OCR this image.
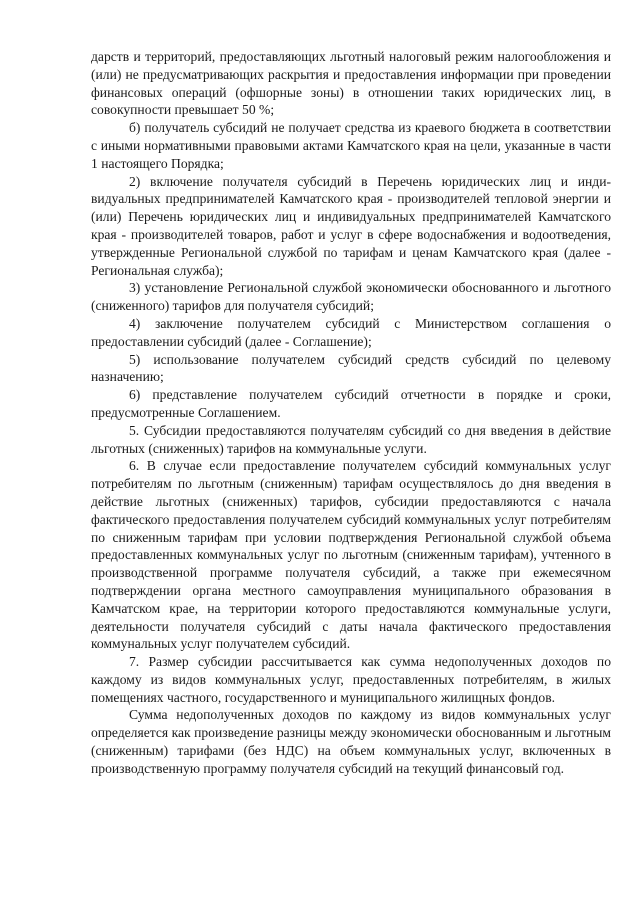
дарств и территорий, предоставляющих льготный налоговый режим налогообложения и (или) не предусматривающих раскрытия и предоставления информации при проведении финансовых операций (офшорные зоны) в отношении таких юридических лиц, в совокупности превышает 50 %;

б) получатель субсидий не получает средства из краевого бюджета в соответствии с иными нормативными правовыми актами Камчатского края на цели, указанные в части 1 настоящего Порядка;

2) включение получателя субсидий в Перечень юридических лиц и индивидуальных предпринимателей Камчатского края - производителей тепловой энергии и (или) Перечень юридических лиц и индивидуальных предпринимателей Камчатского края - производителей товаров, работ и услуг в сфере водоснабжения и водоотведения, утвержденные Региональной службой по тарифам и ценам Камчатского края (далее - Региональная служба);

3) установление Региональной службой экономически обоснованного и льготного (сниженного) тарифов для получателя субсидий;

4) заключение получателем субсидий с Министерством соглашения о предоставлении субсидий (далее - Соглашение);

5) использование получателем субсидий средств субсидий по целевому назначению;

6) представление получателем субсидий отчетности в порядке и сроки, предусмотренные Соглашением.

5. Субсидии предоставляются получателям субсидий со дня введения в действие льготных (сниженных) тарифов на коммунальные услуги.

6. В случае если предоставление получателем субсидий коммунальных услуг потребителям по льготным (сниженным) тарифам осуществлялось до дня введения в действие льготных (сниженных) тарифов, субсидии предоставляются с начала фактического предоставления получателем субсидий коммунальных услуг потребителям по сниженным тарифам при условии подтверждения Региональной службой объема предоставленных коммунальных услуг по льготным (сниженным тарифам), учтенного в производственной программе получателя субсидий, а также при ежемесячном подтверждении органа местного самоуправления муниципального образования в Камчатском крае, на территории которого предоставляются коммунальные услуги, деятельности получателя субсидий с даты начала фактического предоставления коммунальных услуг получателем субсидий.

7. Размер субсидии рассчитывается как сумма недополученных доходов по каждому из видов коммунальных услуг, предоставленных потребителям, в жилых помещениях частного, государственного и муниципального жилищных фондов.

Сумма недополученных доходов по каждому из видов коммунальных услуг определяется как произведение разницы между экономически обоснованным и льготным (сниженным) тарифами (без НДС) на объем коммунальных услуг, включенных в производственную программу получателя субсидий на текущий финансовый год.
